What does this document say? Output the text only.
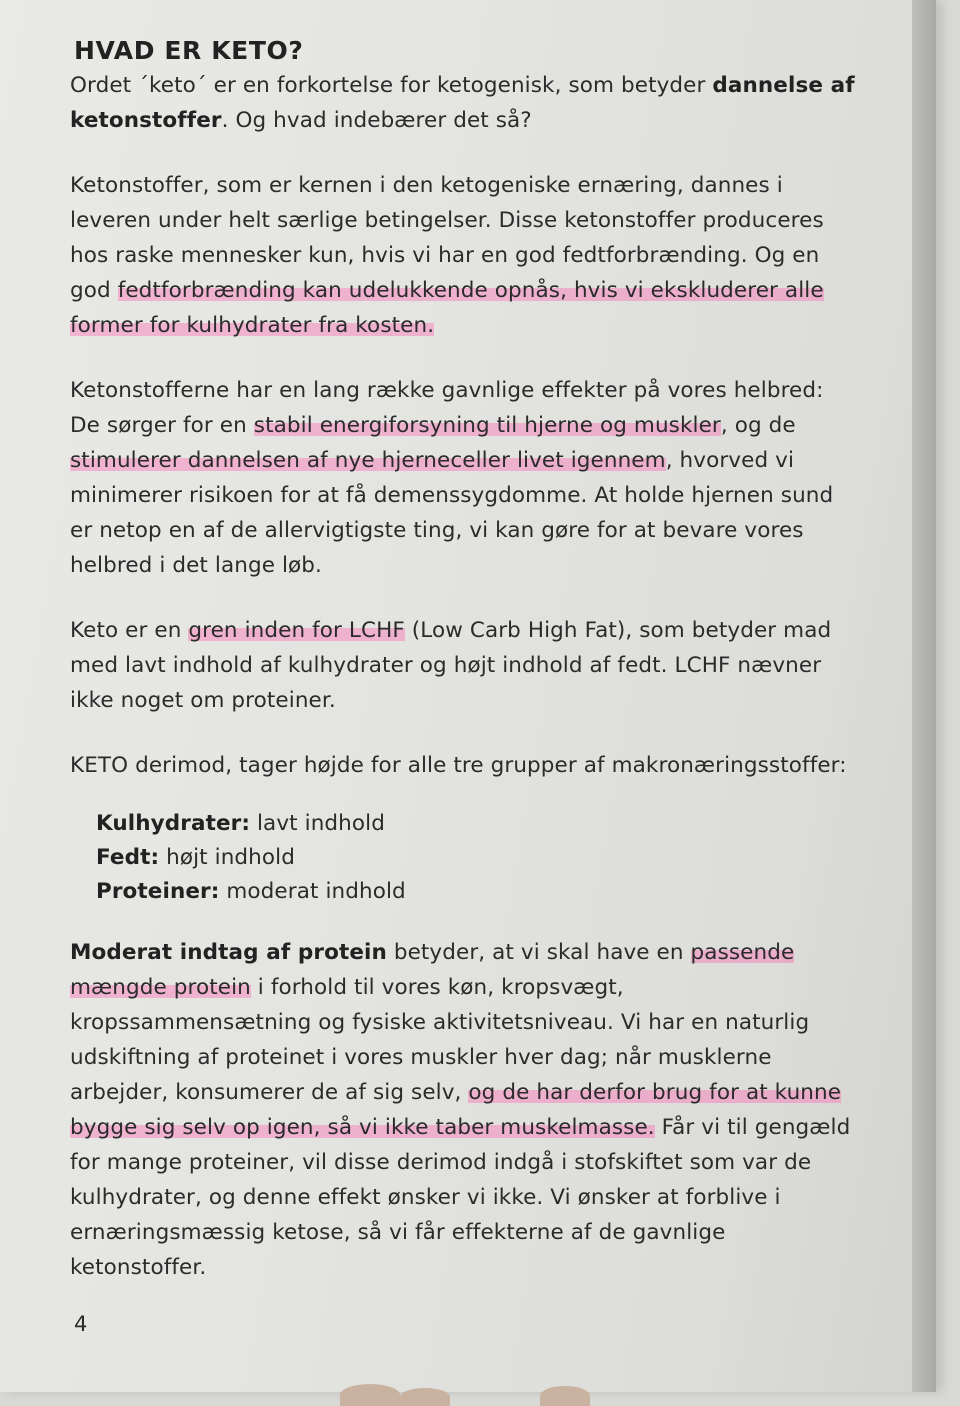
HVAD ER KETO?

Ordet ´keto´ er en forkortelse for ketogenisk, som betyder dannelse af ketonstoffer. Og hvad indebærer det så?

Ketonstoffer, som er kernen i den ketogeniske ernæring, dannes i leveren under helt særlige betingelser. Disse ketonstoffer produceres hos raske mennesker kun, hvis vi har en god fedtforbrænding. Og en god fedtforbrænding kan udelukkende opnås, hvis vi ekskluderer alle former for kulhydrater fra kosten.

Ketonstofferne har en lang række gavnlige effekter på vores helbred: De sørger for en stabil energiforsyning til hjerne og muskler, og de stimulerer dannelsen af nye hjerneceller livet igennem, hvorved vi minimerer risikoen for at få demenssygdomme. At holde hjernen sund er netop en af de allervigtigste ting, vi kan gøre for at bevare vores helbred i det lange løb.

Keto er en gren inden for LCHF (Low Carb High Fat), som betyder mad med lavt indhold af kulhydrater og højt indhold af fedt. LCHF nævner ikke noget om proteiner.

KETO derimod, tager højde for alle tre grupper af makronæringsstoffer:

Kulhydrater: lavt indhold
Fedt: højt indhold
Proteiner: moderat indhold

Moderat indtag af protein betyder, at vi skal have en passende mængde protein i forhold til vores køn, kropsvægt, kropssammensætning og fysiske aktivitetsniveau. Vi har en naturlig udskiftning af proteinet i vores muskler hver dag; når musklerne arbejder, konsumerer de af sig selv, og de har derfor brug for at kunne bygge sig selv op igen, så vi ikke taber muskelmasse. Får vi til gengæld for mange proteiner, vil disse derimod indgå i stofskiftet som var de kulhydrater, og denne effekt ønsker vi ikke. Vi ønsker at forblive i ernæringsmæssig ketose, så vi får effekterne af de gavnlige ketonstoffer.

4
